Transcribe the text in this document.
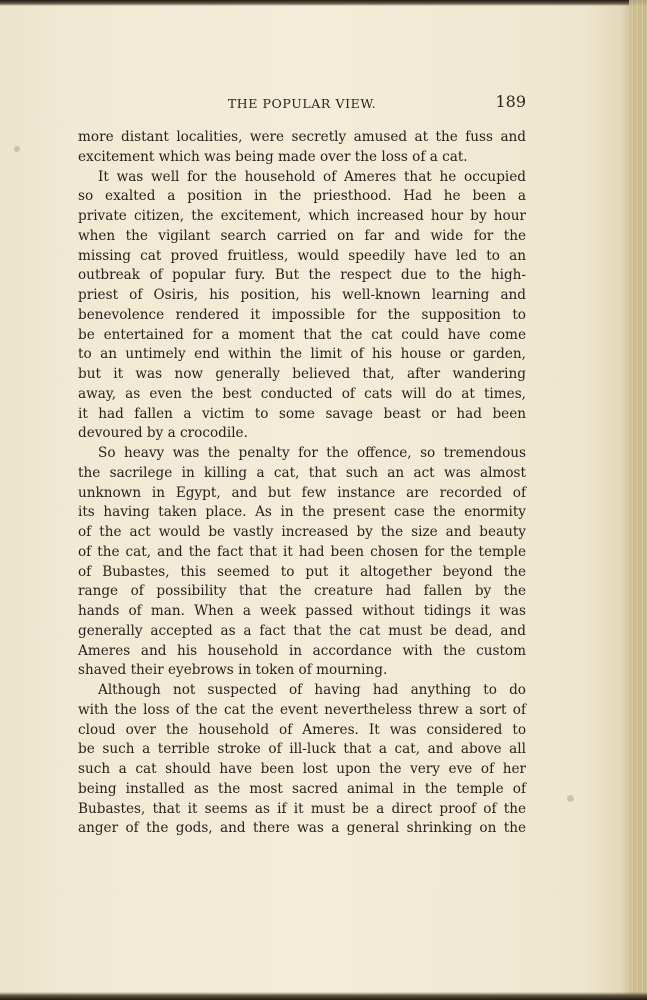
THE POPULAR VIEW.	189
more distant localities, were secretly amused at the fuss and
excitement which was being made over the loss of a cat.
It was well for the household of Ameres that he occupied
so exalted a position in the priesthood. Had he been a
private citizen, the excitement, which increased hour by hour
when the vigilant search carried on far and wide for the
missing cat proved fruitless, would speedily have led to an
outbreak of popular fury. But the respect due to the high-
priest of Osiris, his position, his well-known learning and
benevolence rendered it impossible for the supposition to
be entertained for a moment that the cat could have come
to an untimely end within the limit of his house or garden,
but it was now generally believed that, after wandering
away, as even the best conducted of cats will do at times,
it had fallen a victim to some savage beast or had been
devoured by a crocodile.
So heavy was the penalty for the offence, so tremendous
the sacrilege in killing a cat, that such an act was almost
unknown in Egypt, and but few instance are recorded of
its having taken place. As in the present case the enormity
of the act would be vastly increased by the size and beauty
of the cat, and the fact that it had been chosen for the temple
of Bubastes, this seemed to put it altogether beyond the
range of possibility that the creature had fallen by the
hands of man. When a week passed without tidings it was
generally accepted as a fact that the cat must be dead, and
Ameres and his household in accordance with the custom
shaved their eyebrows in token of mourning.
Although not suspected of having had anything to do
with the loss of the cat the event nevertheless threw a sort of
cloud over the household of Ameres. It was considered to
be such a terrible stroke of ill-luck that a cat, and above all
such a cat should have been lost upon the very eve of her
being installed as the most sacred animal in the temple of
Bubastes, that it seems as if it must be a direct proof of the
anger of the gods, and there was a general shrinking on the
